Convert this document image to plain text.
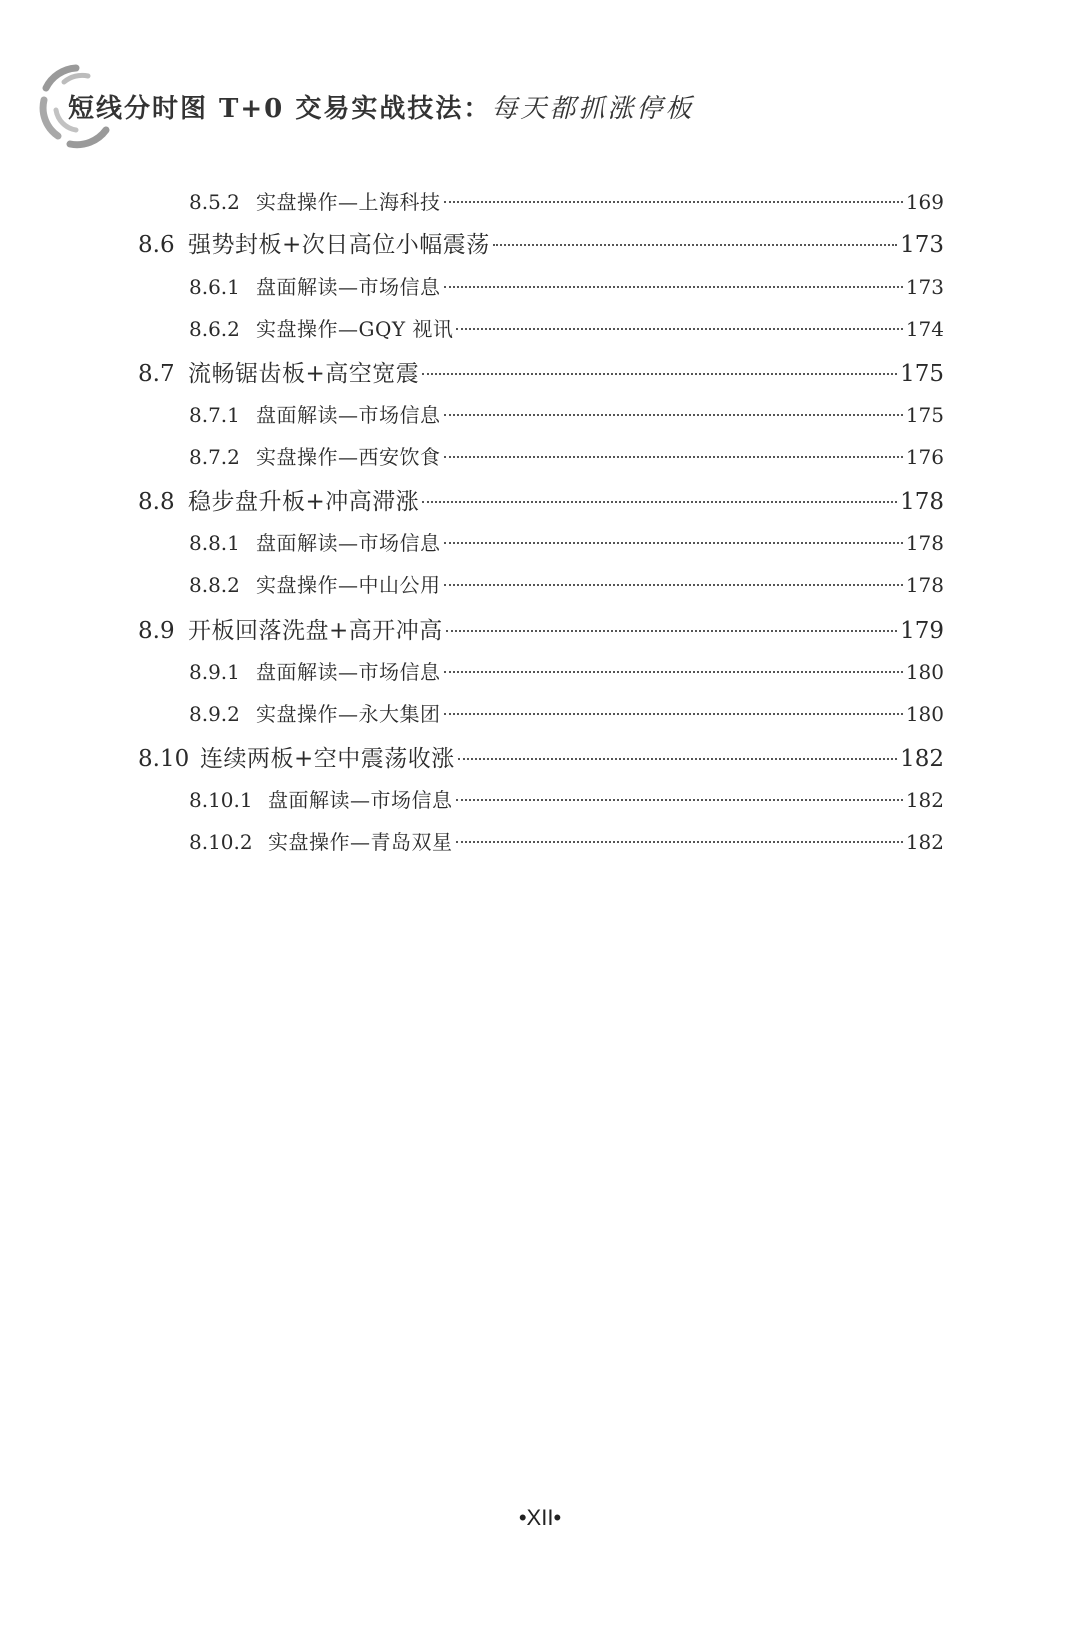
短线分时图 T+0 交易实战技法：每天都抓涨停板
8.5.2 实盘操作—上海科技	169
8.6 强势封板+次日高位小幅震荡	173
8.6.1 盘面解读—市场信息	173
8.6.2 实盘操作—GQY 视讯	174
8.7 流畅锯齿板+高空宽震	175
8.7.1 盘面解读—市场信息	175
8.7.2 实盘操作—西安饮食	176
8.8 稳步盘升板+冲高滞涨	178
8.8.1 盘面解读—市场信息	178
8.8.2 实盘操作—中山公用	178
8.9 开板回落洗盘+高开冲高	179
8.9.1 盘面解读—市场信息	180
8.9.2 实盘操作—永大集团	180
8.10 连续两板+空中震荡收涨	182
8.10.1 盘面解读—市场信息	182
8.10.2 实盘操作—青岛双星	182
•XII•
